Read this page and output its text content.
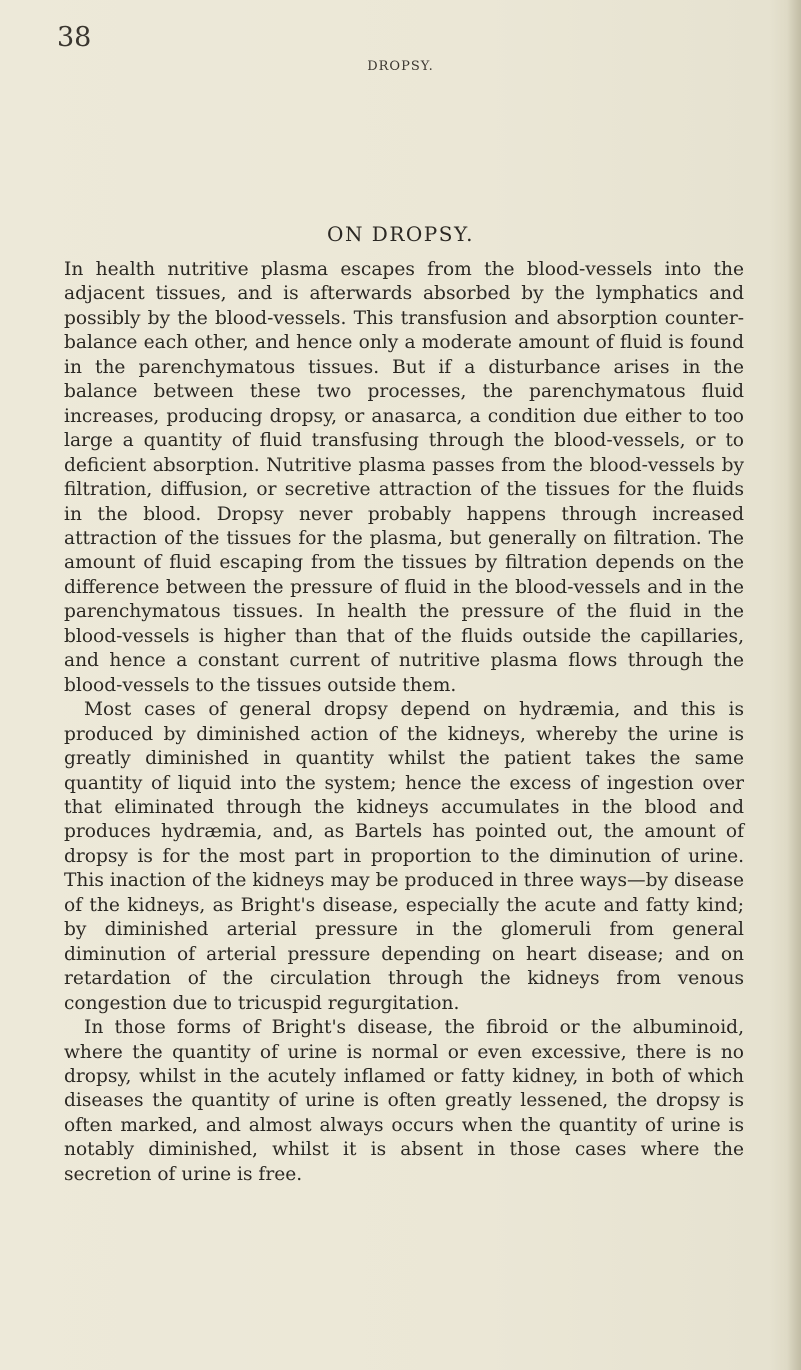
38
DROPSY.
ON DROPSY.

In health nutritive plasma escapes from the blood-vessels into the adjacent tissues, and is afterwards absorbed by the lymphatics and possibly by the blood-vessels. This transfusion and absorption counter-balance each other, and hence only a moderate amount of fluid is found in the parenchymatous tissues. But if a disturbance arises in the balance between these two processes, the parenchymatous fluid increases, producing dropsy, or anasarca, a condition due either to too large a quantity of fluid transfusing through the blood-vessels, or to deficient absorption. Nutritive plasma passes from the blood-vessels by filtration, diffusion, or secretive attraction of the tissues for the fluids in the blood. Dropsy never probably happens through increased attraction of the tissues for the plasma, but generally on filtration. The amount of fluid escaping from the tissues by filtration depends on the difference between the pressure of fluid in the blood-vessels and in the parenchymatous tissues. In health the pressure of the fluid in the blood-vessels is higher than that of the fluids outside the capillaries, and hence a constant current of nutritive plasma flows through the blood-vessels to the tissues outside them.

Most cases of general dropsy depend on hydræmia, and this is produced by diminished action of the kidneys, whereby the urine is greatly diminished in quantity whilst the patient takes the same quantity of liquid into the system; hence the excess of ingestion over that eliminated through the kidneys accumulates in the blood and produces hydræmia, and, as Bartels has pointed out, the amount of dropsy is for the most part in proportion to the diminution of urine. This inaction of the kidneys may be produced in three ways—by disease of the kidneys, as Bright's disease, especially the acute and fatty kind; by diminished arterial pressure in the glomeruli from general diminution of arterial pressure depending on heart disease; and on retardation of the circulation through the kidneys from venous congestion due to tricuspid regurgitation.

In those forms of Bright's disease, the fibroid or the albuminoid, where the quantity of urine is normal or even excessive, there is no dropsy, whilst in the acutely inflamed or fatty kidney, in both of which diseases the quantity of urine is often greatly lessened, the dropsy is often marked, and almost always occurs when the quantity of urine is notably diminished, whilst it is absent in those cases where the secretion of urine is free.
